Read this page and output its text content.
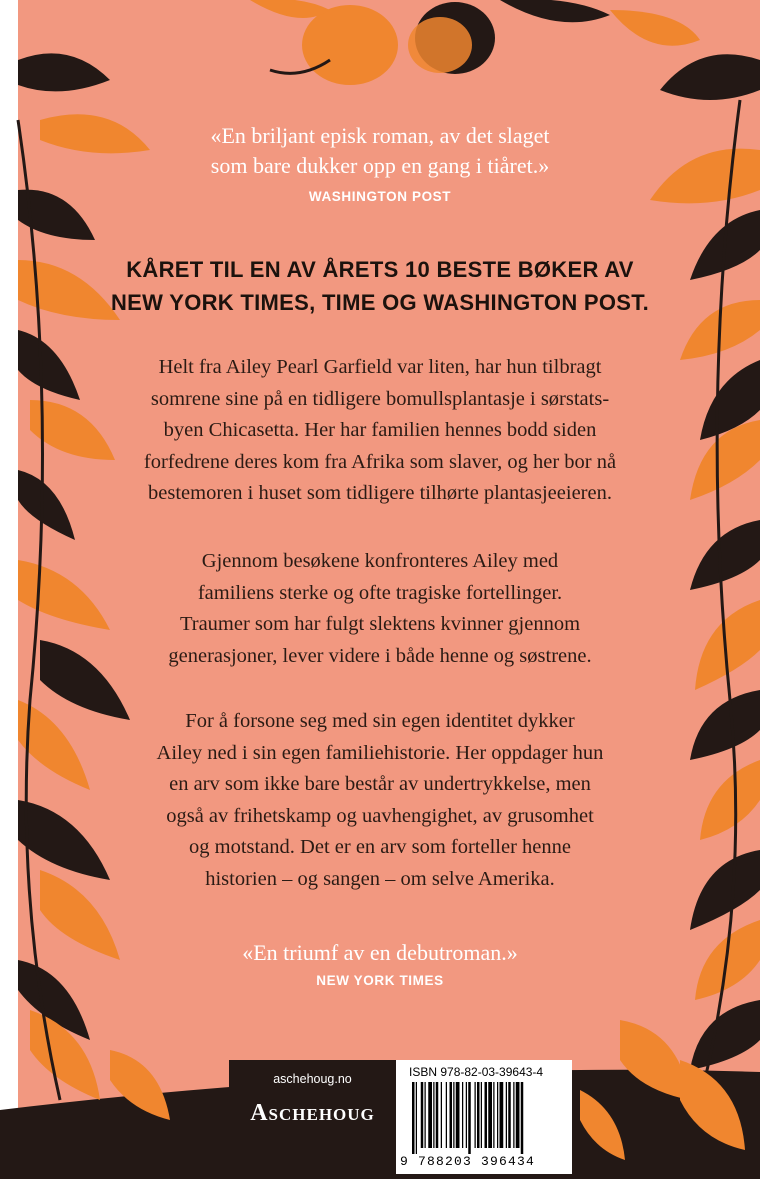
«En briljant episk roman, av det slaget
som bare dukker opp en gang i tiåret.»
WASHINGTON POST
KÅRET TIL EN AV ÅRETS 10 BESTE BØKER AV
NEW YORK TIMES, TIME OG WASHINGTON POST.
Helt fra Ailey Pearl Garfield var liten, har hun tilbragt
somrene sine på en tidligere bomullsplantasje i sørstats-
byen Chicasetta. Her har familien hennes bodd siden
forfedrene deres kom fra Afrika som slaver, og her bor nå
bestemoren i huset som tidligere tilhørte plantasjeeieren.
Gjennom besøkene konfronteres Ailey med
familiens sterke og ofte tragiske fortellinger.
Traumer som har fulgt slektens kvinner gjennom
generasjoner, lever videre i både henne og søstrene.
For å forsone seg med sin egen identitet dykker
Ailey ned i sin egen familiehistorie. Her oppdager hun
en arv som ikke bare består av undertrykkelse, men
også av frihetskamp og uavhengighet, av grusomhet
og motstand. Det er en arv som forteller henne
historien – og sangen – om selve Amerika.
«En triumf av en debutroman.»
NEW YORK TIMES
aschehoug.no
Aschehoug
ISBN 978-82-03-39643-4
9 788203 396434
